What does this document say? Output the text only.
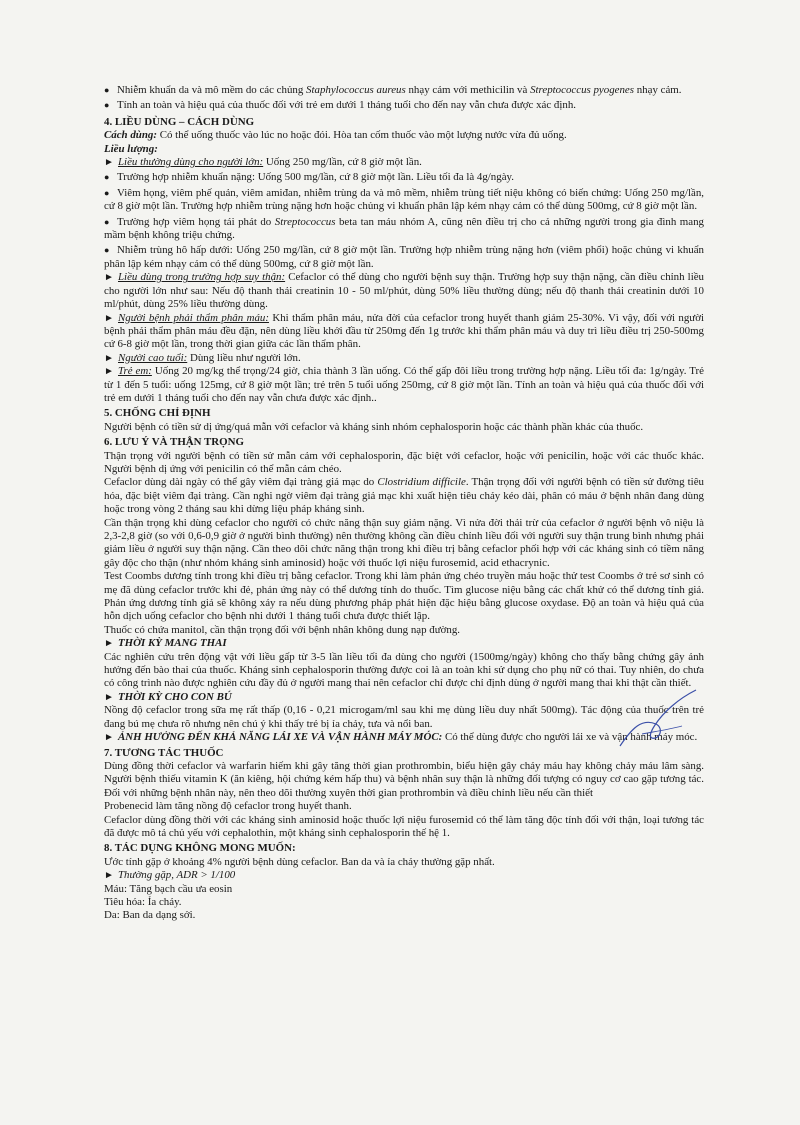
● Nhiễm khuẩn da và mô mềm do các chủng Staphylococcus aureus nhạy cảm với methicilin và Streptococcus pyogenes nhạy cảm.

● Tính an toàn và hiệu quả của thuốc đối với trẻ em dưới 1 tháng tuổi cho đến nay vẫn chưa được xác định.

4. LIỀU DÙNG – CÁCH DÙNG

Cách dùng: Có thể uống thuốc vào lúc no hoặc đói. Hòa tan cốm thuốc vào một lượng nước vừa đủ uống.

Liều lượng:

► Liều thường dùng cho người lớn: Uống 250 mg/lần, cứ 8 giờ một lần.

● Trường hợp nhiễm khuẩn nặng: Uống 500 mg/lần, cứ 8 giờ một lần. Liều tối đa là 4g/ngày.

● Viêm họng, viêm phế quản, viêm amiđan, nhiễm trùng da và mô mềm, nhiễm trùng tiết niệu không có biến chứng: Uống 250 mg/lần, cứ 8 giờ một lần. Trường hợp nhiễm trùng nặng hơn hoặc chủng vi khuẩn phân lập kém nhạy cảm có thể dùng 500mg, cứ 8 giờ một lần.

● Trường hợp viêm họng tái phát do Streptococcus beta tan máu nhóm A, cũng nên điều trị cho cả những người trong gia đình mang mầm bệnh không triệu chứng.

● Nhiễm trùng hô hấp dưới: Uống 250 mg/lần, cứ 8 giờ một lần. Trường hợp nhiễm trùng nặng hơn (viêm phổi) hoặc chủng vi khuẩn phân lập kém nhạy cảm có thể dùng 500mg, cứ 8 giờ một lần.

► Liều dùng trong trường hợp suy thận: Cefaclor có thể dùng cho người bệnh suy thận. Trường hợp suy thận nặng, cần điều chỉnh liều cho người lớn như sau: Nếu độ thanh thải creatinin 10 - 50 ml/phút, dùng 50% liều thường dùng; nếu độ thanh thải creatinin dưới 10 ml/phút, dùng 25% liều thường dùng.

► Người bệnh phải thẩm phân máu: Khi thẩm phân máu, nửa đời của cefaclor trong huyết thanh giảm 25-30%. Vì vậy, đối với người bệnh phải thẩm phân máu đều đặn, nên dùng liều khởi đầu từ 250mg đến 1g trước khi thẩm phân máu và duy trì liều điều trị 250-500mg cứ 6-8 giờ một lần, trong thời gian giữa các lần thẩm phân.

► Người cao tuổi: Dùng liều như người lớn.

► Trẻ em: Uống 20 mg/kg thể trọng/24 giờ, chia thành 3 lần uống. Có thể gấp đôi liều trong trường hợp nặng. Liều tối đa: 1g/ngày. Trẻ từ 1 đến 5 tuổi: uống 125mg, cứ 8 giờ một lần; trẻ trên 5 tuổi uống 250mg, cứ 8 giờ một lần. Tính an toàn và hiệu quả của thuốc đối với trẻ em dưới 1 tháng tuổi cho đến nay vẫn chưa được xác định..

5. CHỐNG CHỈ ĐỊNH

Người bệnh có tiền sử dị ứng/quá mẫn với cefaclor và kháng sinh nhóm cephalosporin hoặc các thành phần khác của thuốc.

6. LƯU Ý VÀ THẬN TRỌNG

Thận trọng với người bệnh có tiền sử mẫn cảm với cephalosporin, đặc biệt với cefaclor, hoặc với penicilin, hoặc với các thuốc khác. Người bệnh dị ứng với penicilin có thể mẫn cảm chéo.

Cefaclor dùng dài ngày có thể gây viêm đại tràng giả mạc do Clostridium difficile. Thận trọng đối với người bệnh có tiền sử đường tiêu hóa, đặc biệt viêm đại tràng. Cần nghi ngờ viêm đại tràng giả mạc khi xuất hiện tiêu chảy kéo dài, phân có máu ở bệnh nhân đang dùng hoặc trong vòng 2 tháng sau khi dừng liệu pháp kháng sinh.

Cần thận trọng khi dùng cefaclor cho người có chức năng thận suy giảm nặng. Vì nửa đời thải trừ của cefaclor ở người bệnh vô niệu là 2,3-2,8 giờ (so với 0,6-0,9 giờ ở người bình thường) nên thường không cần điều chỉnh liều đối với người suy thận trung bình nhưng phải giảm liều ở người suy thận nặng. Cần theo dõi chức năng thận trong khi điều trị bằng cefaclor phối hợp với các kháng sinh có tiềm năng gây độc cho thận (như nhóm kháng sinh aminosid) hoặc với thuốc lợi niệu furosemid, acid ethacrynic.

Test Coombs dương tính trong khi điều trị bằng cefaclor. Trong khi làm phản ứng chéo truyền máu hoặc thử test Coombs ở trẻ sơ sinh có mẹ đã dùng cefaclor trước khi đẻ, phản ứng này có thể dương tính do thuốc. Tìm glucose niệu bằng các chất khử có thể dương tính giả. Phản ứng dương tính giả sẽ không xảy ra nếu dùng phương pháp phát hiện đặc hiệu bằng glucose oxydase. Độ an toàn và hiệu quả của hỗn dịch uống cefaclor cho bệnh nhi dưới 1 tháng tuổi chưa được thiết lập.

Thuốc có chứa manitol, cần thận trọng đối với bệnh nhân không dung nạp đường.

► THỜI KỲ MANG THAI

Các nghiên cứu trên động vật với liều gấp từ 3-5 lần liều tối đa dùng cho người (1500mg/ngày) không cho thấy bằng chứng gây ảnh hưởng đến bào thai của thuốc. Kháng sinh cephalosporin thường được coi là an toàn khi sử dụng cho phụ nữ có thai. Tuy nhiên, do chưa có công trình nào được nghiên cứu đầy đủ ở người mang thai nên cefaclor chỉ được chỉ định dùng ở người mang thai khi thật cần thiết.

► THỜI KỲ CHO CON BÚ

Nồng độ cefaclor trong sữa mẹ rất thấp (0,16 - 0,21 microgam/ml sau khi mẹ dùng liều duy nhất 500mg). Tác động của thuốc trên trẻ đang bú mẹ chưa rõ nhưng nên chú ý khi thấy trẻ bị ỉa chảy, tưa và nổi ban.

► ẢNH HƯỞNG ĐẾN KHẢ NĂNG LÁI XE VÀ VẬN HÀNH MÁY MÓC: Có thể dùng được cho người lái xe và vận hành máy móc.

7. TƯƠNG TÁC THUỐC

Dùng đồng thời cefaclor và warfarin hiếm khi gây tăng thời gian prothrombin, biểu hiện gây chảy máu hay không chảy máu lâm sàng. Người bệnh thiếu vitamin K (ăn kiêng, hội chứng kém hấp thu) và bệnh nhân suy thận là những đối tượng có nguy cơ cao gặp tương tác. Đối với những bệnh nhân này, nên theo dõi thường xuyên thời gian prothrombin và điều chỉnh liều nếu cần thiết

Probenecid làm tăng nồng độ cefaclor trong huyết thanh.

Cefaclor dùng đồng thời với các kháng sinh aminosid hoặc thuốc lợi niệu furosemid có thể làm tăng độc tính đối với thận, loại tương tác đã được mô tả chủ yếu với cephalothin, một kháng sinh cephalosporin thế hệ 1.

8. TÁC DỤNG KHÔNG MONG MUỐN:

Ước tính gặp ở khoảng 4% người bệnh dùng cefaclor. Ban da và ỉa chảy thường gặp nhất.

► Thường gặp, ADR > 1/100

Máu: Tăng bạch cầu ưa eosin

Tiêu hóa: Ỉa chảy.

Da: Ban da dạng sởi.
